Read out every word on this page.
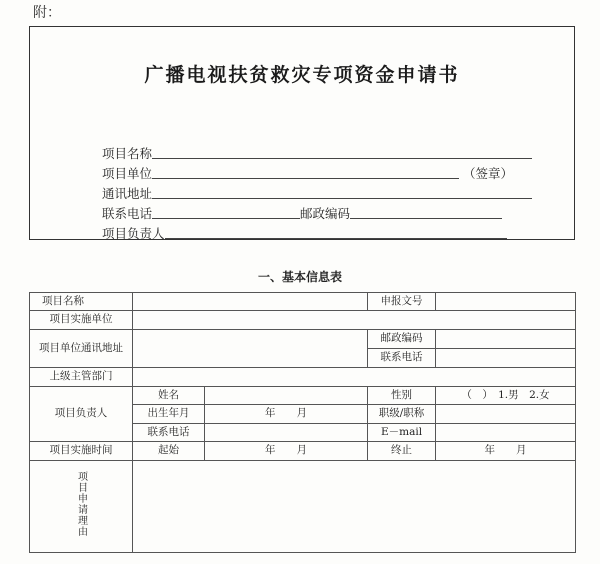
附：
广播电视扶贫救灾专项资金申请书
项目名称
项目单位	（签章）
通讯地址
联系电话	邮政编码
项目负责人
一、基本信息表
项目名称			申报文号	
项目实施单位				
项目单位通讯地址			邮政编码	
			联系电话	
上级主管部门				
项目负责人	姓名		性别	（　）　1.男　2.女
	出生年月	年　　月	职级/职称	
	联系电话		E－mail	
项目实施时间	起始	年　　月	终止	年　　月
项目申请理由				
